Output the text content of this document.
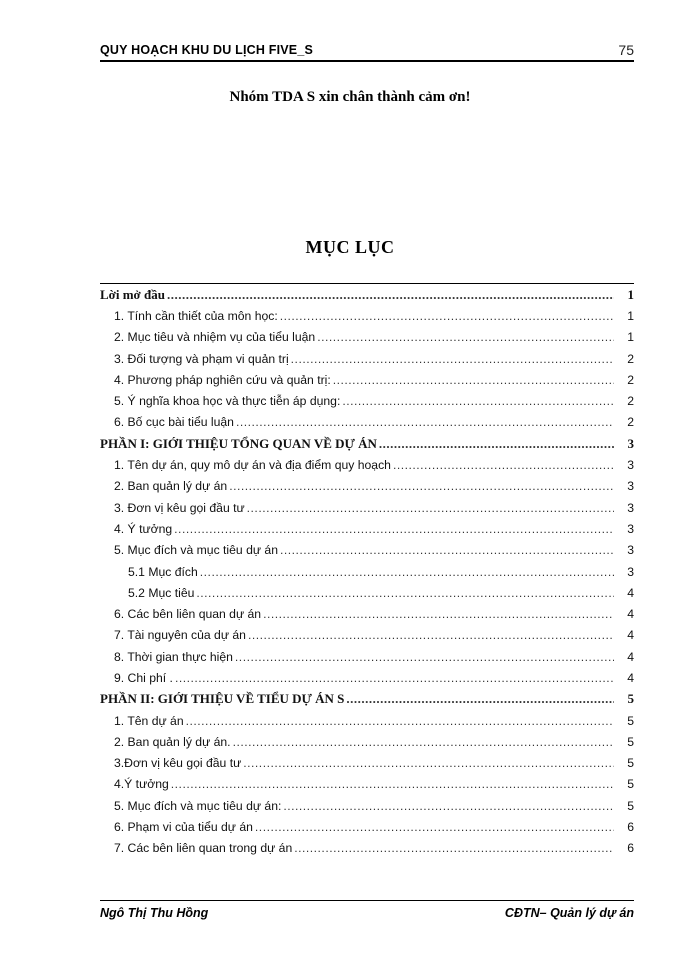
QUY HOẠCH KHU DU LỊCH FIVE_S	75
Nhóm TDA S xin chân thành cảm ơn!
MỤC LỤC
Lời mở đầu .....	1
1. Tính cần thiết của môn học: .....	1
2. Mục tiêu và nhiệm vụ của tiểu luận .....	1
3. Đối tượng và phạm vi quản trị .....	2
4. Phương pháp nghiên cứu và quản trị: .....	2
5. Ý nghĩa khoa học và thực tiễn áp dụng: .....	2
6. Bố cục bài tiểu luận .....	2
PHẦN I: GIỚI THIỆU TỔNG QUAN VỀ DỰ ÁN .....	3
1. Tên dự án, quy mô dự án và địa điểm quy hoạch .....	3
2. Ban quản lý dự án .....	3
3. Đơn vị kêu gọi đầu tư .....	3
4. Ý tưởng .....	3
5. Mục đích và mục tiêu dự án .....	3
5.1 Mục đích .....	3
5.2 Mục tiêu .....	4
6. Các bên liên quan dự án .....	4
7. Tài nguyên của dự án .....	4
8. Thời gian thực hiện .....	4
9. Chi phí . .....	4
PHẦN II: GIỚI THIỆU VỀ TIỂU DỰ ÁN S .....	5
1. Tên dự án .....	5
2. Ban quản lý dự án. .....	5
3.Đơn vị kêu gọi đầu tư .....	5
4.Ý tưởng .....	5
5. Mục đích và mục tiêu dự án: .....	5
6. Phạm vi của tiểu dự án .....	6
7. Các bên liên quan trong dự án .....	6
Ngô Thị Thu Hồng	CĐTN– Quản lý dự án
